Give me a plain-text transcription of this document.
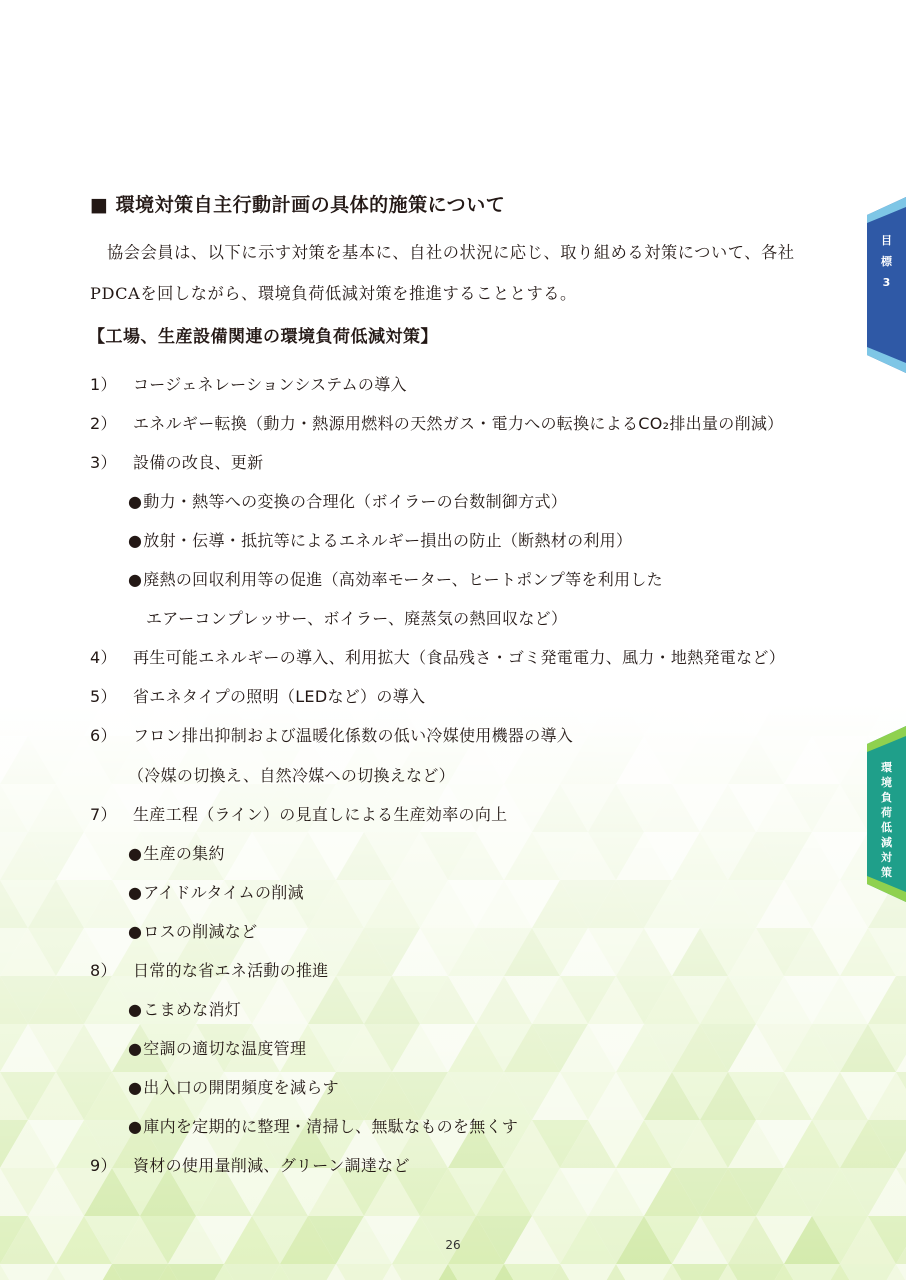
■ 環境対策自主行動計画の具体的施策について
協会会員は、以下に示す対策を基本に、自社の状況に応じ、取り組める対策について、各社PDCAを回しながら、環境負荷低減対策を推進することとする。
【工場、生産設備関連の環境負荷低減対策】
1） コージェネレーションシステムの導入
2） エネルギー転換（動力・熱源用燃料の天然ガス・電力への転換によるCO₂排出量の削減）
3） 設備の改良、更新
●動力・熱等への変換の合理化（ボイラーの台数制御方式）
●放射・伝導・抵抗等によるエネルギー損出の防止（断熱材の利用）
●廃熱の回収利用等の促進（高効率モーター、ヒートポンプ等を利用した
エアーコンプレッサー、ボイラー、廃蒸気の熱回収など）
4） 再生可能エネルギーの導入、利用拡大（食品残さ・ゴミ発電電力、風力・地熱発電など）
5） 省エネタイプの照明（LEDなど）の導入
6） フロン排出抑制および温暖化係数の低い冷媒使用機器の導入
（冷媒の切換え、自然冷媒への切換えなど）
7） 生産工程（ライン）の見直しによる生産効率の向上
●生産の集約
●アイドルタイムの削減
●ロスの削減など
8） 日常的な省エネ活動の推進
●こまめな消灯
●空調の適切な温度管理
●出入口の開閉頻度を減らす
●庫内を定期的に整理・清掃し、無駄なものを無くす
9） 資材の使用量削減、グリーン調達など
26
目
標
3
環
境
負
荷
低
減
対
策
